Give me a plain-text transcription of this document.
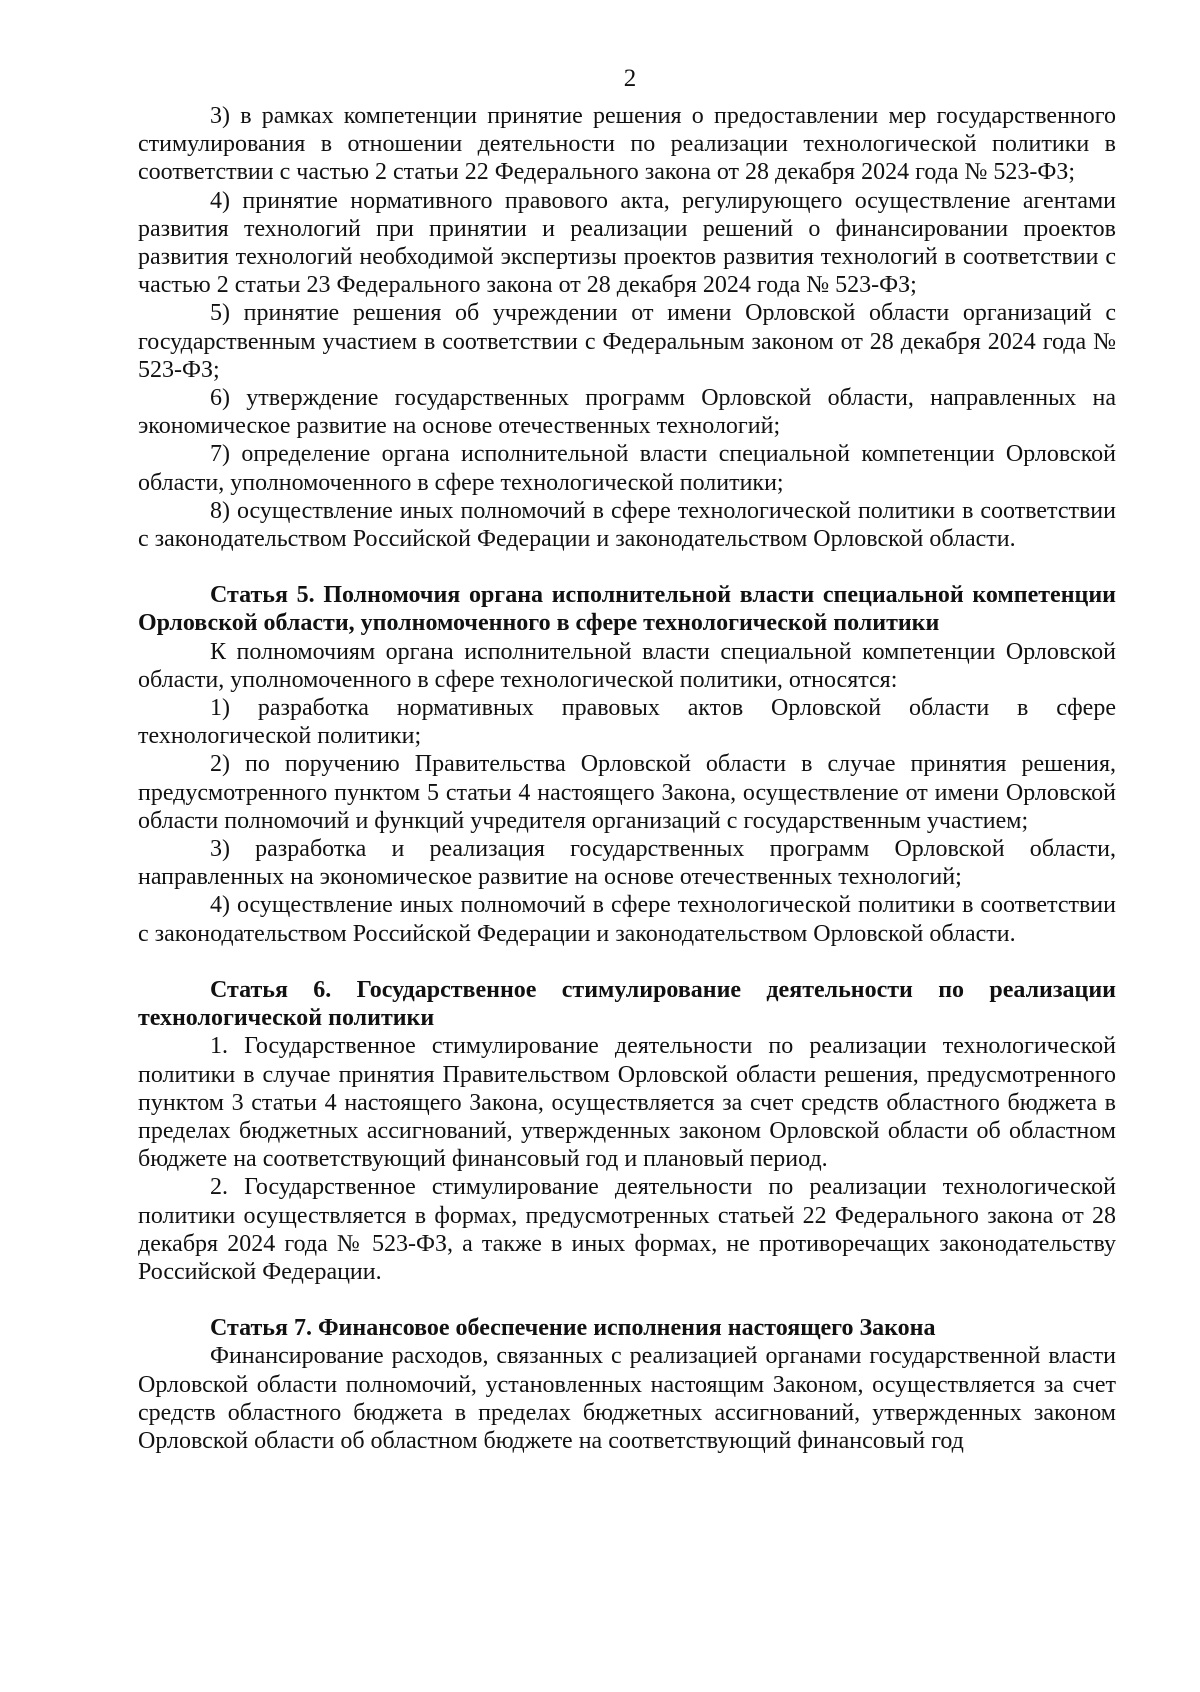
2

3) в рамках компетенции принятие решения о предоставлении мер государственного стимулирования в отношении деятельности по реализации технологической политики в соответствии с частью 2 статьи 22 Федерального закона от 28 декабря 2024 года № 523-ФЗ;

4) принятие нормативного правового акта, регулирующего осуществление агентами развития технологий при принятии и реализации решений о финансировании проектов развития технологий необходимой экспертизы проектов развития технологий в соответствии с частью 2 статьи 23 Федерального закона от 28 декабря 2024 года № 523-ФЗ;

5) принятие решения об учреждении от имени Орловской области организаций с государственным участием в соответствии с Федеральным законом от 28 декабря 2024 года № 523-ФЗ;

6) утверждение государственных программ Орловской области, направленных на экономическое развитие на основе отечественных технологий;

7) определение органа исполнительной власти специальной компетенции Орловской области, уполномоченного в сфере технологической политики;

8) осуществление иных полномочий в сфере технологической политики в соответствии с законодательством Российской Федерации и законодательством Орловской области.

Статья 5. Полномочия органа исполнительной власти специальной компетенции Орловской области, уполномоченного в сфере технологической политики

К полномочиям органа исполнительной власти специальной компетенции Орловской области, уполномоченного в сфере технологической политики, относятся:

1) разработка нормативных правовых актов Орловской области в сфере технологической политики;

2) по поручению Правительства Орловской области в случае принятия решения, предусмотренного пунктом 5 статьи 4 настоящего Закона, осуществление от имени Орловской области полномочий и функций учредителя организаций с государственным участием;

3) разработка и реализация государственных программ Орловской области, направленных на экономическое развитие на основе отечественных технологий;

4) осуществление иных полномочий в сфере технологической политики в соответствии с законодательством Российской Федерации и законодательством Орловской области.

Статья 6. Государственное стимулирование деятельности по реализации технологической политики

1. Государственное стимулирование деятельности по реализации технологической политики в случае принятия Правительством Орловской области решения, предусмотренного пунктом 3 статьи 4 настоящего Закона, осуществляется за счет средств областного бюджета в пределах бюджетных ассигнований, утвержденных законом Орловской области об областном бюджете на соответствующий финансовый год и плановый период.

2. Государственное стимулирование деятельности по реализации технологической политики осуществляется в формах, предусмотренных статьей 22 Федерального закона от 28 декабря 2024 года № 523-ФЗ, а также в иных формах, не противоречащих законодательству Российской Федерации.

Статья 7. Финансовое обеспечение исполнения настоящего Закона

Финансирование расходов, связанных с реализацией органами государственной власти Орловской области полномочий, установленных настоящим Законом, осуществляется за счет средств областного бюджета в пределах бюджетных ассигнований, утвержденных законом Орловской области об областном бюджете на соответствующий финансовый год
